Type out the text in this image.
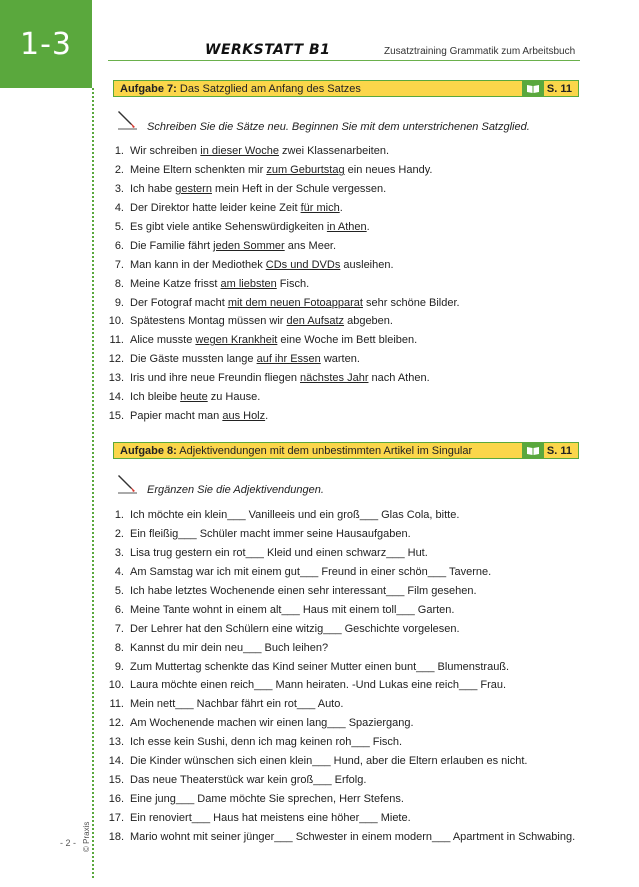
1-3	WERKSTATT B1	Zusatztraining Grammatik zum Arbeitsbuch
Aufgabe 7: Das Satzglied am Anfang des Satzes	S. 11
Schreiben Sie die Sätze neu. Beginnen Sie mit dem unterstrichenen Satzglied.
1. Wir schreiben in dieser Woche zwei Klassenarbeiten.
2. Meine Eltern schenkten mir zum Geburtstag ein neues Handy.
3. Ich habe gestern mein Heft in der Schule vergessen.
4. Der Direktor hatte leider keine Zeit für mich.
5. Es gibt viele antike Sehenswürdigkeiten in Athen.
6. Die Familie fährt jeden Sommer ans Meer.
7. Man kann in der Mediothek CDs und DVDs ausleihen.
8. Meine Katze frisst am liebsten Fisch.
9. Der Fotograf macht mit dem neuen Fotoapparat sehr schöne Bilder.
10. Spätestens Montag müssen wir den Aufsatz abgeben.
11. Alice musste wegen Krankheit eine Woche im Bett bleiben.
12. Die Gäste mussten lange auf ihr Essen warten.
13. Iris und ihre neue Freundin fliegen nächstes Jahr nach Athen.
14. Ich bleibe heute zu Hause.
15. Papier macht man aus Holz.
Aufgabe 8: Adjektivendungen mit dem unbestimmten Artikel im Singular	S. 11
Ergänzen Sie die Adjektivendungen.
1. Ich möchte ein klein___ Vanilleeis und ein groß___ Glas Cola, bitte.
2. Ein fleißig___ Schüler macht immer seine Hausaufgaben.
3. Lisa trug gestern ein rot___ Kleid und einen schwarz___ Hut.
4. Am Samstag war ich mit einem gut___ Freund in einer schön___ Taverne.
5. Ich habe letztes Wochenende einen sehr interessant___ Film gesehen.
6. Meine Tante wohnt in einem alt___ Haus mit einem toll___ Garten.
7. Der Lehrer hat den Schülern eine witzig___ Geschichte vorgelesen.
8. Kannst du mir dein neu___ Buch leihen?
9. Zum Muttertag schenkte das Kind seiner Mutter einen bunt___ Blumenstrauß.
10. Laura möchte einen reich___ Mann heiraten. -Und Lukas eine reich___ Frau.
11. Mein nett___ Nachbar fährt ein rot___ Auto.
12. Am Wochenende machen wir einen lang___ Spaziergang.
13. Ich esse kein Sushi, denn ich mag keinen roh___ Fisch.
14. Die Kinder wünschen sich einen klein___ Hund, aber die Eltern erlauben es nicht.
15. Das neue Theaterstück war kein groß___ Erfolg.
16. Eine jung___ Dame möchte Sie sprechen, Herr Stefens.
17. Ein renoviert___ Haus hat meistens eine höher___ Miete.
18. Mario wohnt mit seiner jünger___ Schwester in einem modern___ Apartment in Schwabing.
- 2 - © Praxis
